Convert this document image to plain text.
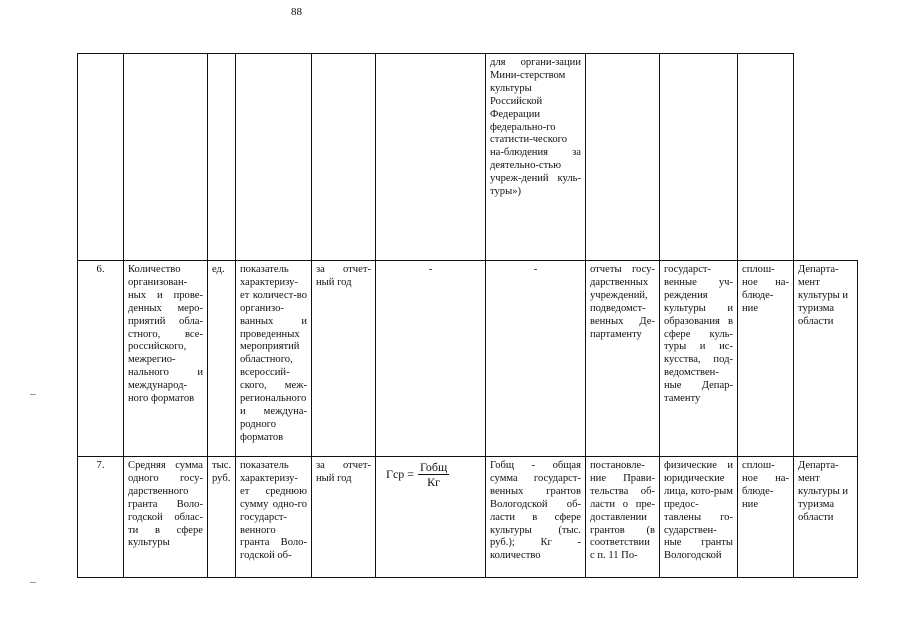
88
						для органи-зации Мини-стерством культуры Российской Федерации федерально-го статисти-ческого на-блюдения за деятельно-стью учреж-дений куль-туры»)				
6.	Количество организован-ных и прове-денных меро-приятий обла-стного, все-российского, межрегио-нального и международ-ного форматов	ед.	показатель характеризу-ет количест-во организо-ванных и проведенных мероприятий областного, всероссий-ского, меж-регионального и междуна-родного форматов	за отчет-ный год	-	-	отчеты госу-дарственных учреждений, подведомст-венных Де-партаменту	государст-венные уч-реждения культуры и образования в сфере куль-туры и ис-кусства, под-ведомствен-ные Депар-таменту	сплош-ное на-блюде-ние	Департа-мент культуры и туризма области
7.	Средняя сумма одного госу-дарственного гранта Воло-годской облас-ти в сфере культуры	тыс. руб.	показатель характеризу-ет среднюю сумму одно-го государст-венного гранта Воло-годской об-	за отчет-ный год	Гср = $\frac{\text{Гобщ}}{Кг}$	Гобщ - общая сумма государст-венных грантов Вологодской об-ласти в сфере культуры (тыс. руб.); Кг - количество	постановле-ние Прави-тельства об-ласти о пре-доставлении грантов (в соответствии с п. 11 По-	физические и юридические лица, кото-рым предос-тавлены го-сударствен-ные гранты Вологодской	сплош-ное на-блюде-ние	Департа-мент культуры и туризма области
